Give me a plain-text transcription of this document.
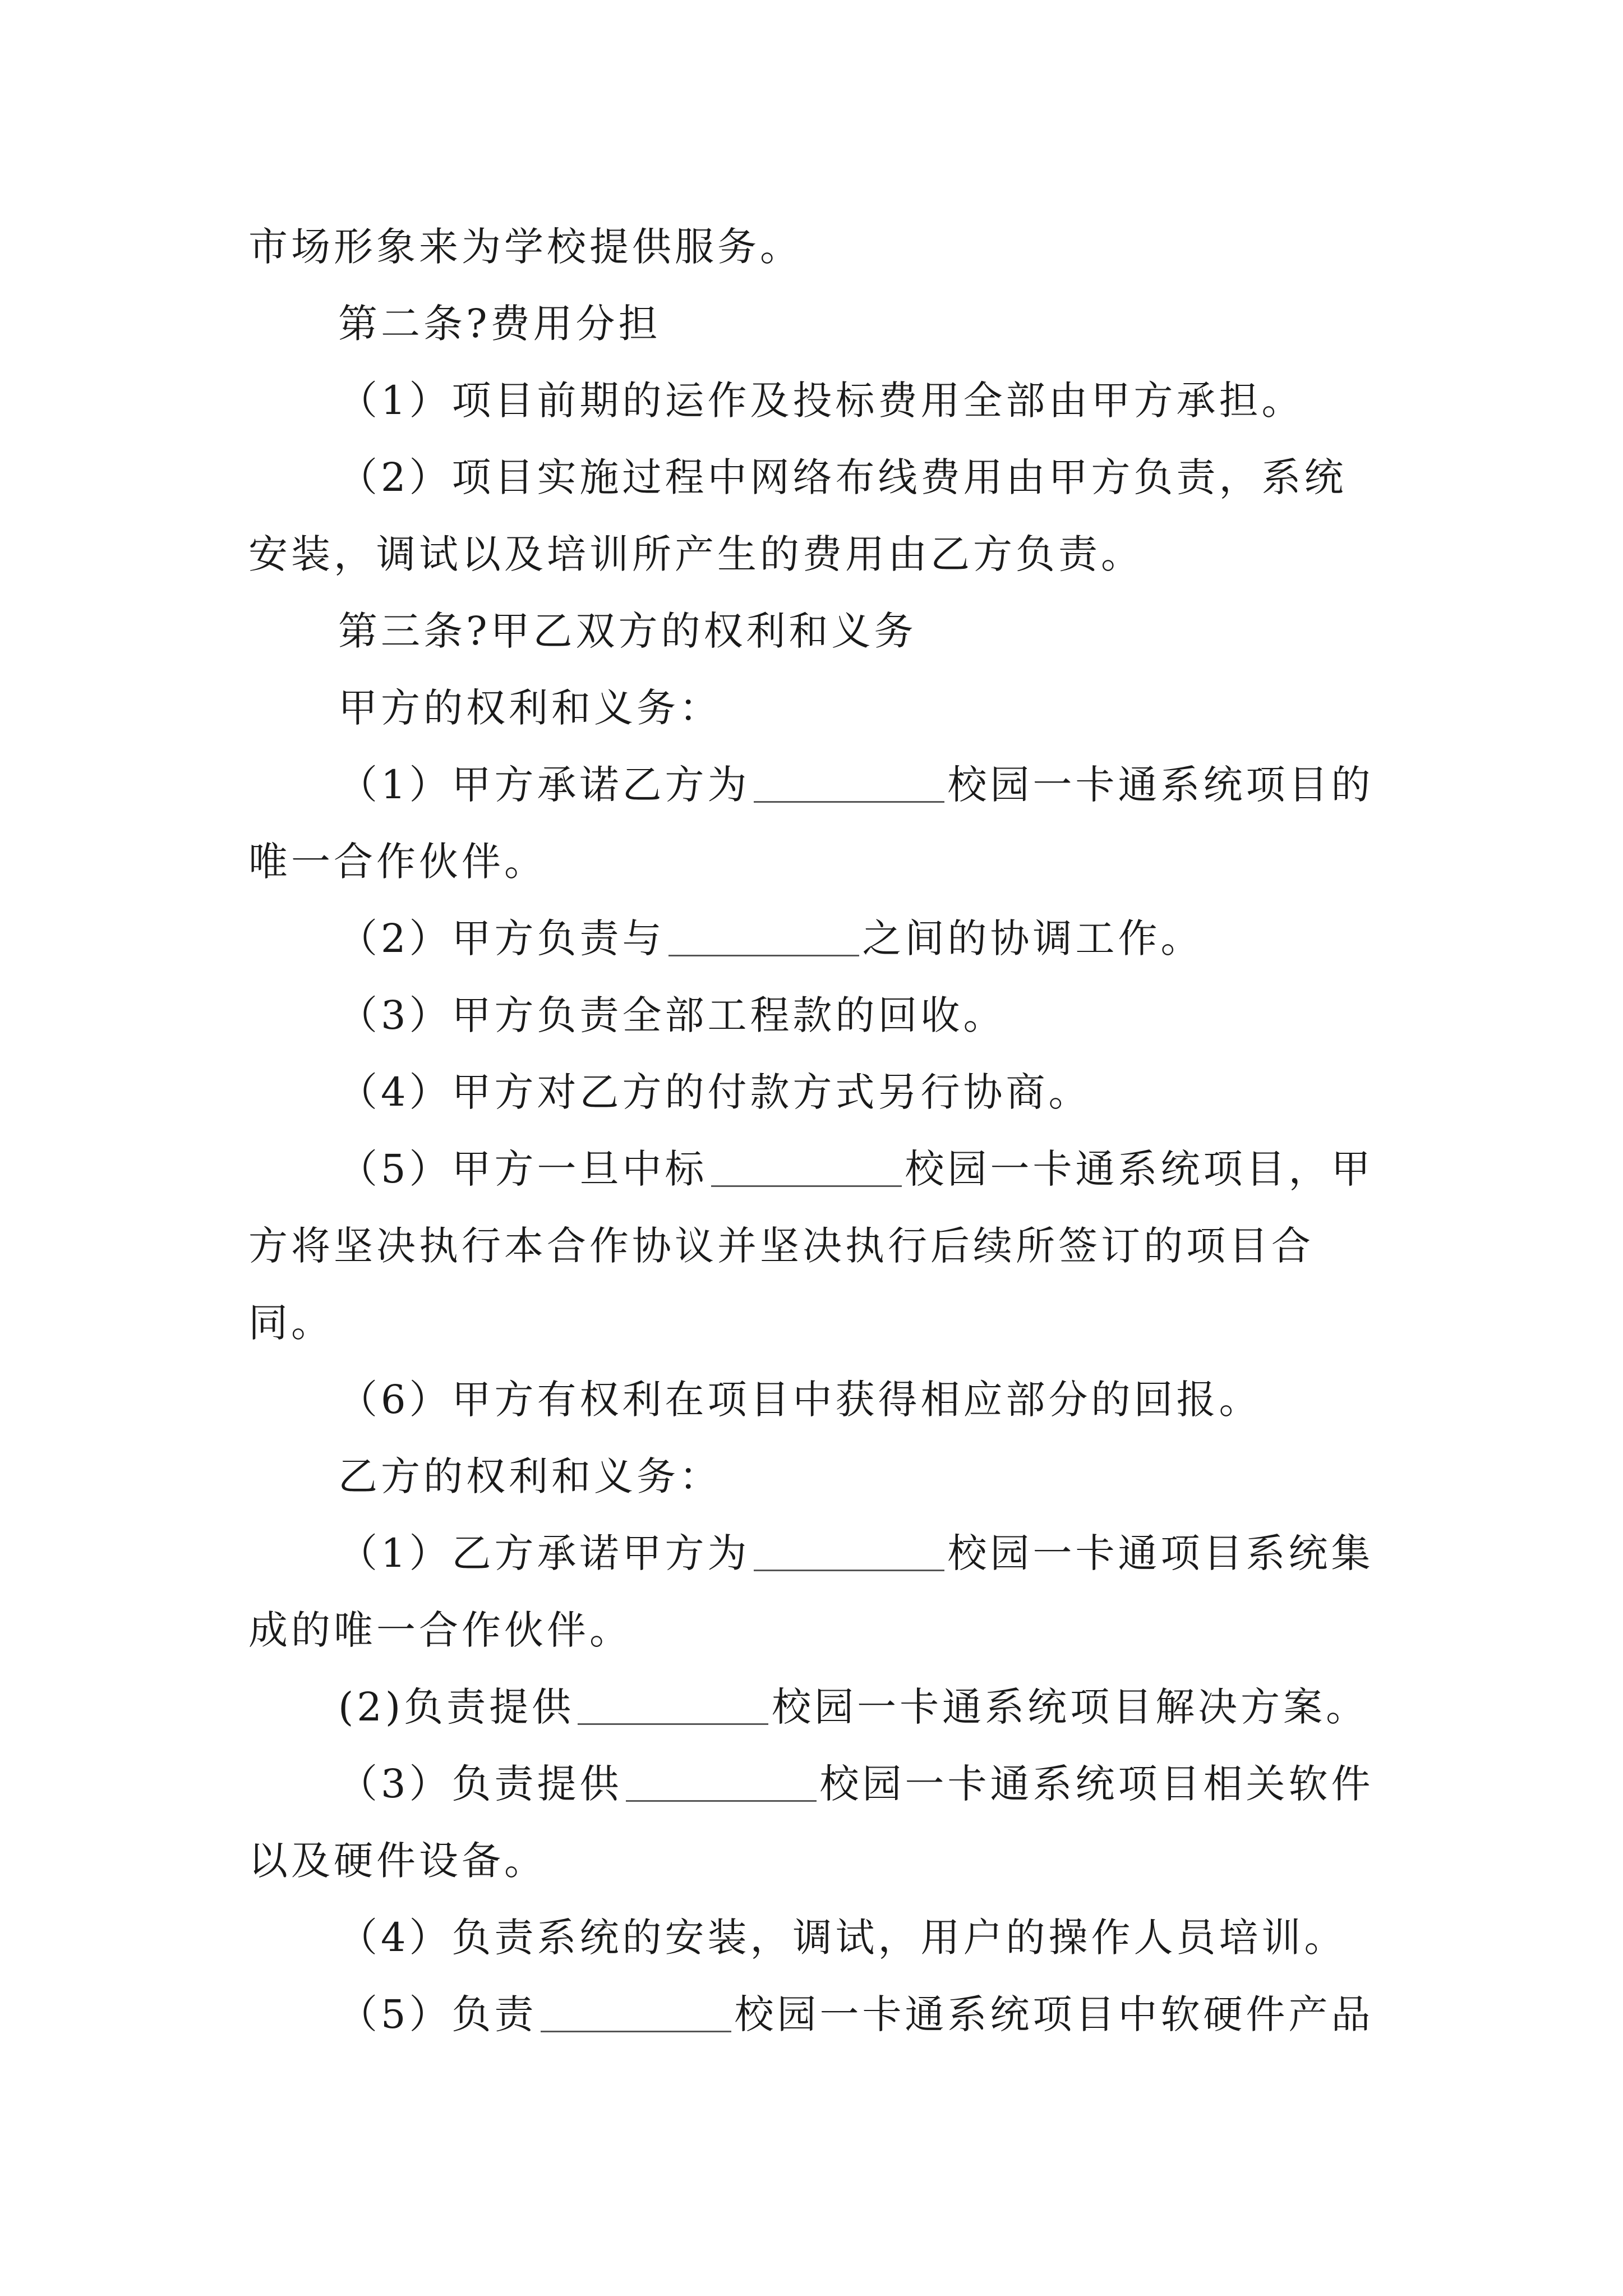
市场形象来为学校提供服务。
第二条?费用分担
（1）项目前期的运作及投标费用全部由甲方承担。
（2）项目实施过程中网络布线费用由甲方负责，系统
安装，调试以及培训所产生的费用由乙方负责。
第三条?甲乙双方的权利和义务
甲方的权利和义务：
（1）甲方承诺乙方为	校园一卡通系统项目的
唯一合作伙伴。
（2）甲方负责与	之间的协调工作。
（3）甲方负责全部工程款的回收。
（4）甲方对乙方的付款方式另行协商。
（5）甲方一旦中标	校园一卡通系统项目，甲
方将坚决执行本合作协议并坚决执行后续所签订的项目合
同。
（6）甲方有权利在项目中获得相应部分的回报。
乙方的权利和义务：
（1）乙方承诺甲方为	校园一卡通项目系统集
成的唯一合作伙伴。
(2)负责提供	校园一卡通系统项目解决方案。
（3）负责提供	校园一卡通系统项目相关软件
以及硬件设备。
（4）负责系统的安装，调试，用户的操作人员培训。
（5）负责	校园一卡通系统项目中软硬件产品
